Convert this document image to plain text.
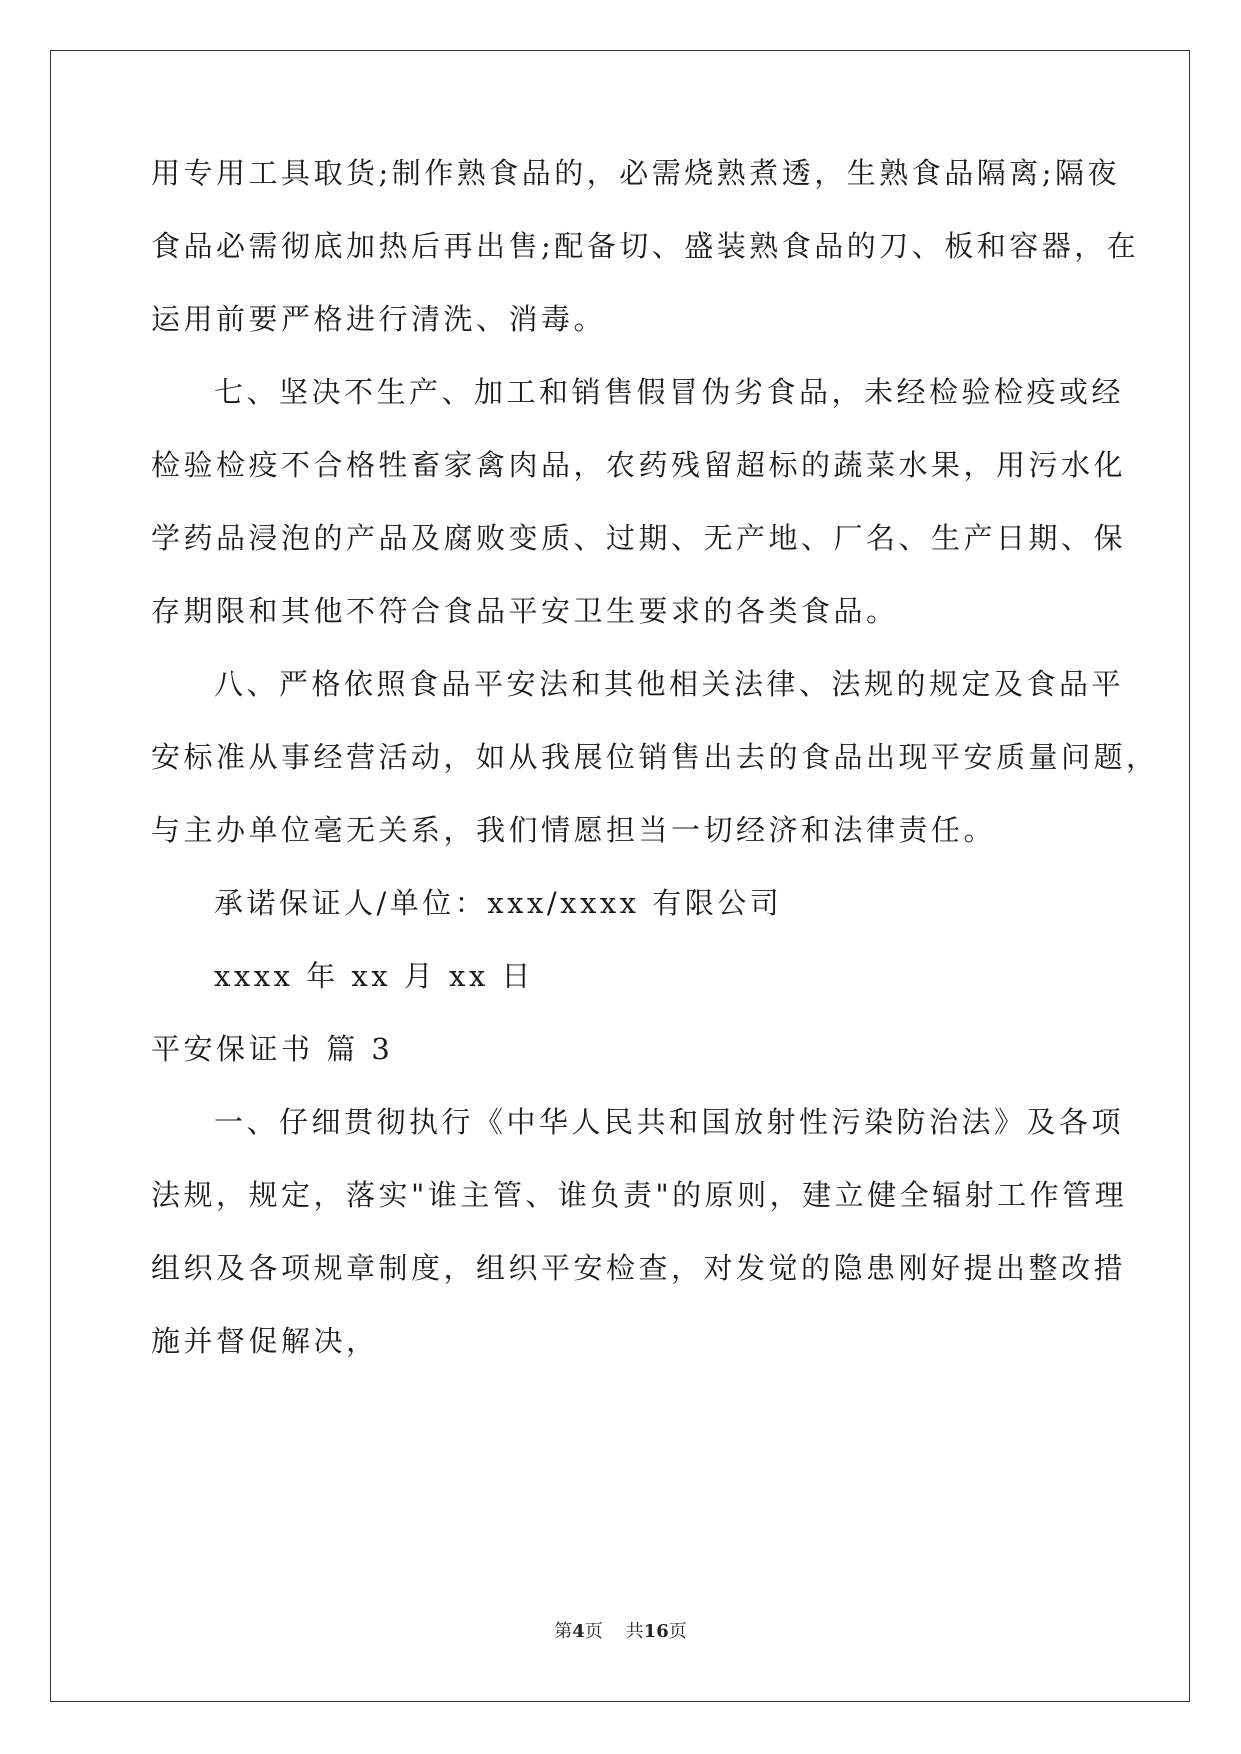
用专用工具取货;制作熟食品的，必需烧熟煮透，生熟食品隔离;隔夜

食品必需彻底加热后再出售;配备切、盛装熟食品的刀、板和容器，在

运用前要严格进行清洗、消毒。

七、坚决不生产、加工和销售假冒伪劣食品，未经检验检疫或经

检验检疫不合格牲畜家禽肉品，农药残留超标的蔬菜水果，用污水化

学药品浸泡的产品及腐败变质、过期、无产地、厂名、生产日期、保

存期限和其他不符合食品平安卫生要求的各类食品。

八、严格依照食品平安法和其他相关法律、法规的规定及食品平

安标准从事经营活动，如从我展位销售出去的食品出现平安质量问题，

与主办单位毫无关系，我们情愿担当一切经济和法律责任。

承诺保证人/单位：xxx/xxxx 有限公司

xxxx 年 xx 月 xx 日

平安保证书 篇 3

一、仔细贯彻执行《中华人民共和国放射性污染防治法》及各项

法规，规定，落实"谁主管、谁负责"的原则，建立健全辐射工作管理

组织及各项规章制度，组织平安检查，对发觉的隐患刚好提出整改措

施并督促解决，

第4页 共16页
